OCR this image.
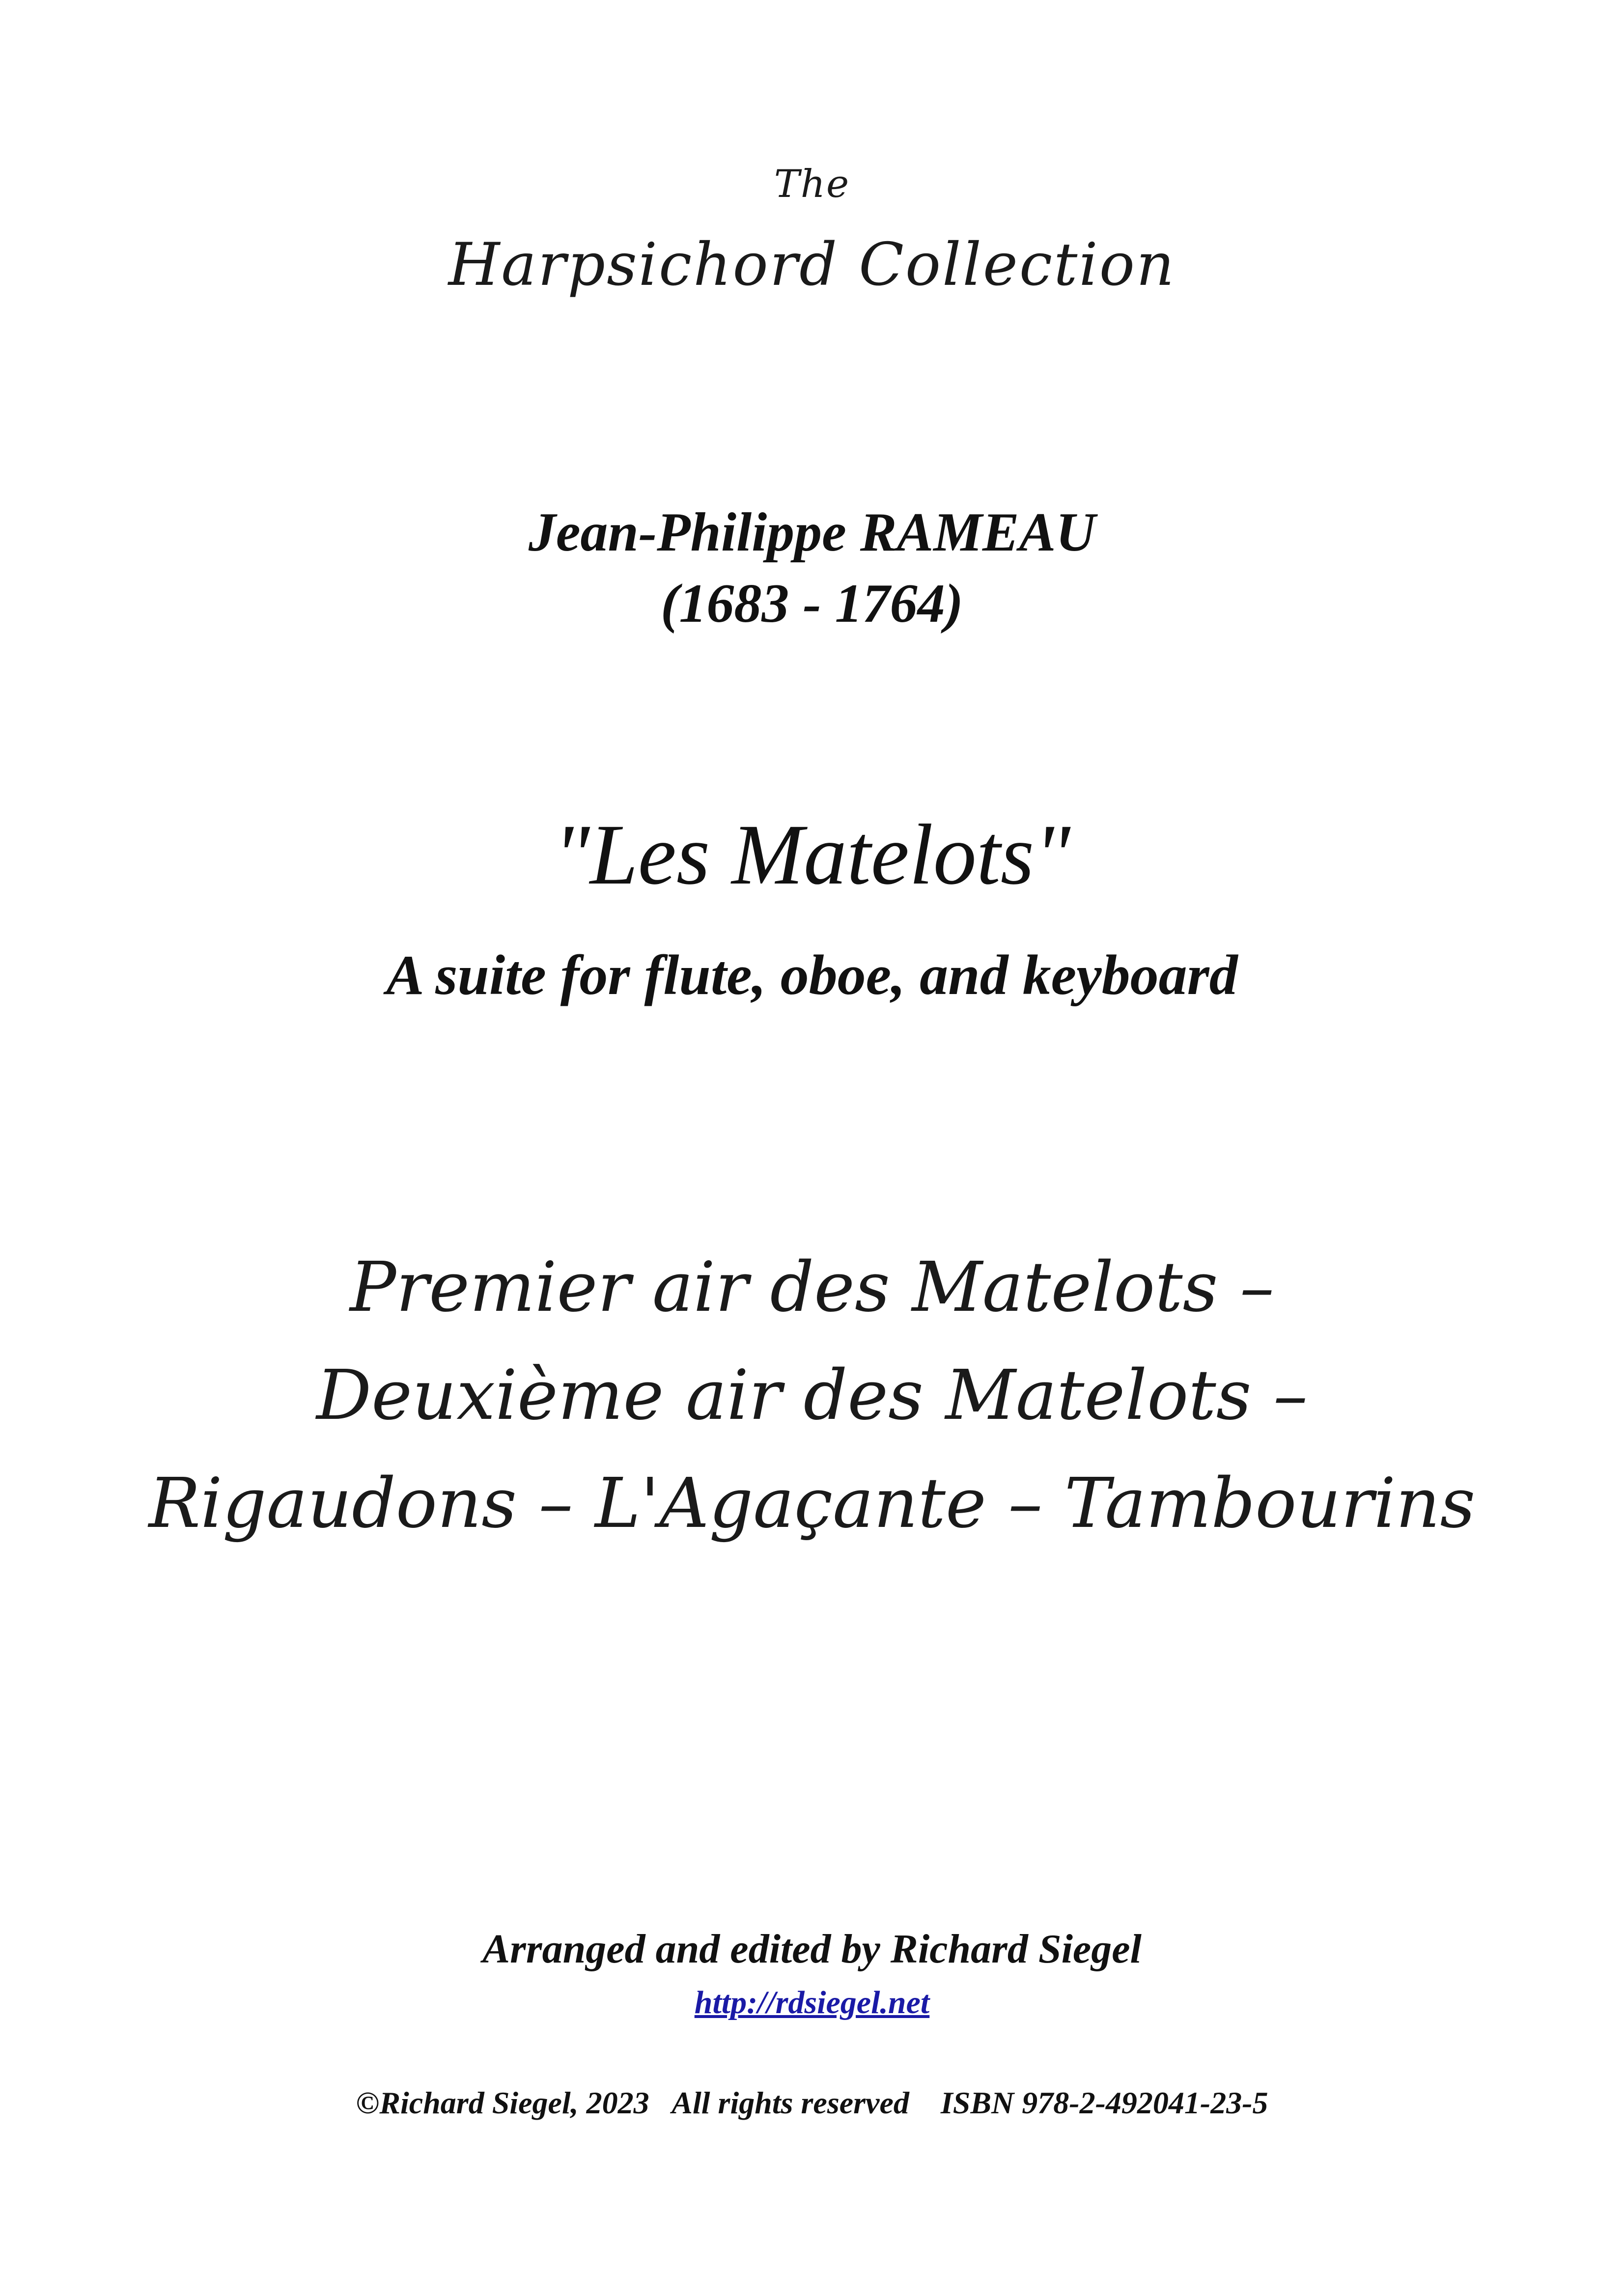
The

Harpsichord Collection

Jean-Philippe RAMEAU

(1683 - 1764)

"Les Matelots"

A suite for flute, oboe, and keyboard

Premier air des Matelots –

Deuxième air des Matelots –

Rigaudons – L'Agaçante – Tambourins

Arranged and edited by Richard Siegel

http://rdsiegel.net

©Richard Siegel, 2023   All rights reserved    ISBN 978-2-492041-23-5
